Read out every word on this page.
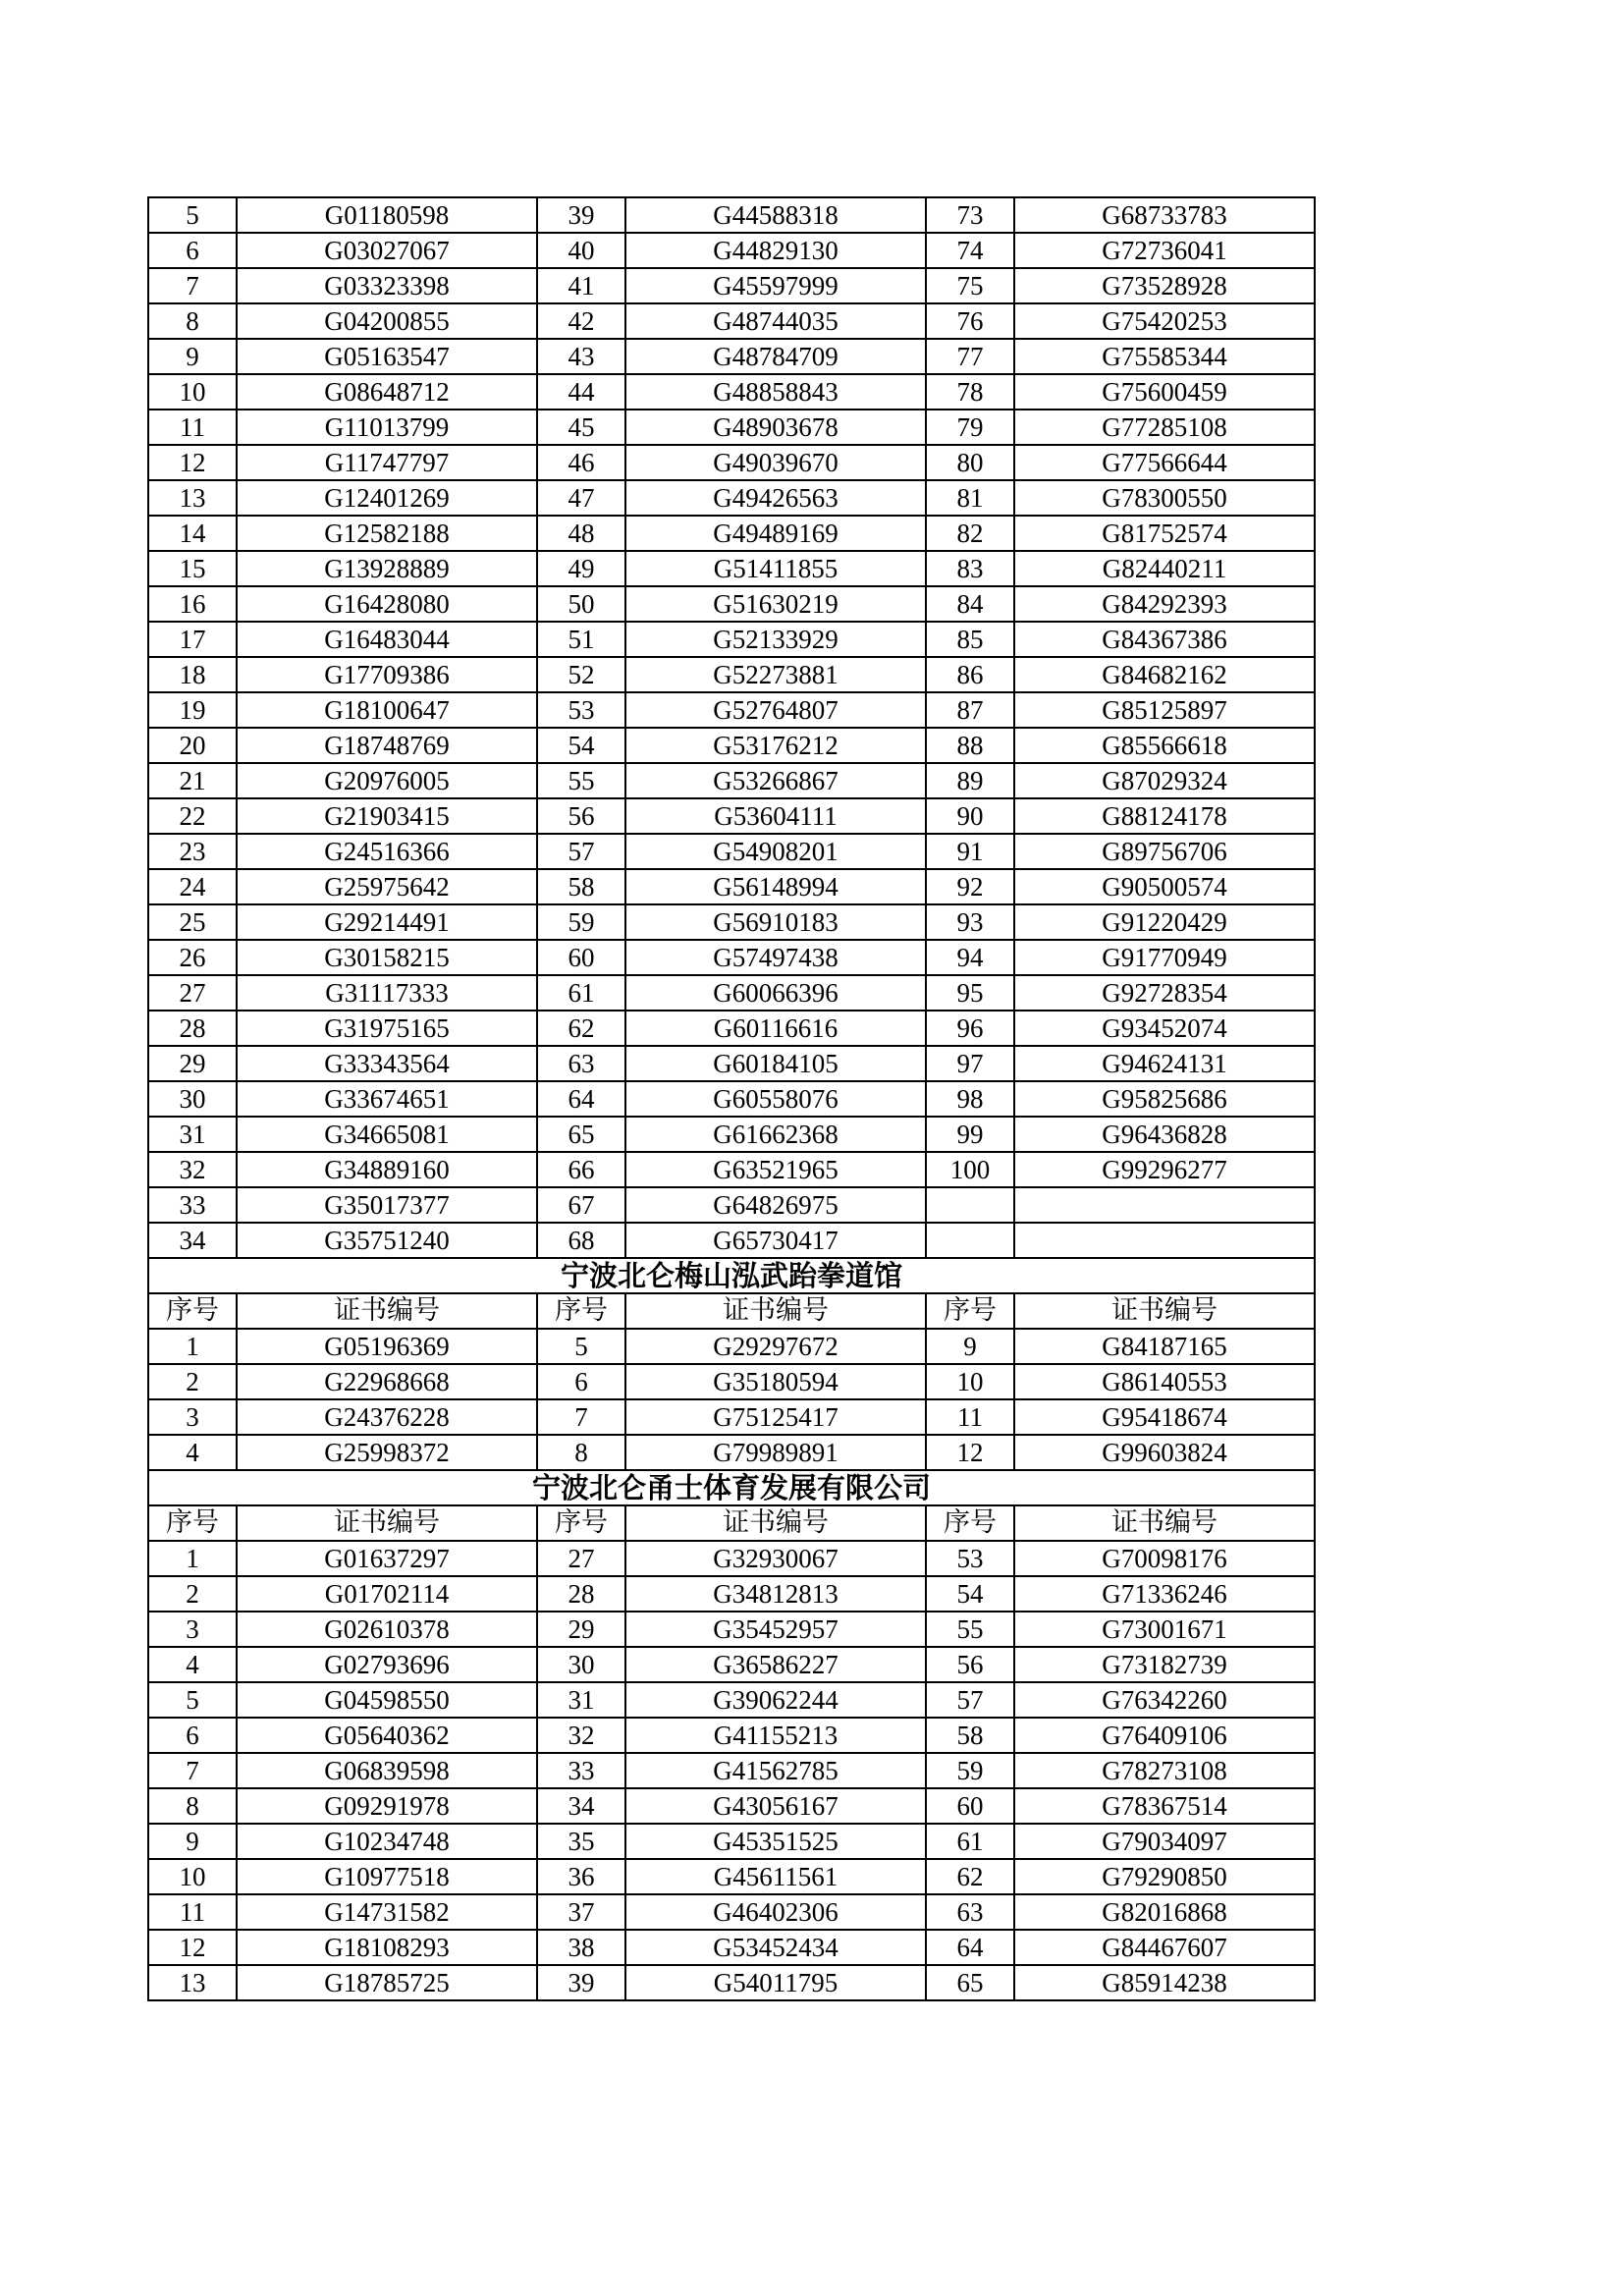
5	G01180598	39	G44588318	73	G68733783
6	G03027067	40	G44829130	74	G72736041
7	G03323398	41	G45597999	75	G73528928
8	G04200855	42	G48744035	76	G75420253
9	G05163547	43	G48784709	77	G75585344
10	G08648712	44	G48858843	78	G75600459
11	G11013799	45	G48903678	79	G77285108
12	G11747797	46	G49039670	80	G77566644
13	G12401269	47	G49426563	81	G78300550
14	G12582188	48	G49489169	82	G81752574
15	G13928889	49	G51411855	83	G82440211
16	G16428080	50	G51630219	84	G84292393
17	G16483044	51	G52133929	85	G84367386
18	G17709386	52	G52273881	86	G84682162
19	G18100647	53	G52764807	87	G85125897
20	G18748769	54	G53176212	88	G85566618
21	G20976005	55	G53266867	89	G87029324
22	G21903415	56	G53604111	90	G88124178
23	G24516366	57	G54908201	91	G89756706
24	G25975642	58	G56148994	92	G90500574
25	G29214491	59	G56910183	93	G91220429
26	G30158215	60	G57497438	94	G91770949
27	G31117333	61	G60066396	95	G92728354
28	G31975165	62	G60116616	96	G93452074
29	G33343564	63	G60184105	97	G94624131
30	G33674651	64	G60558076	98	G95825686
31	G34665081	65	G61662368	99	G96436828
32	G34889160	66	G63521965	100	G99296277
33	G35017377	67	G64826975		
34	G35751240	68	G65730417		
宁波北仑梅山泓武跆拳道馆					
序号	证书编号	序号	证书编号	序号	证书编号
1	G05196369	5	G29297672	9	G84187165
2	G22968668	6	G35180594	10	G86140553
3	G24376228	7	G75125417	11	G95418674
4	G25998372	8	G79989891	12	G99603824
宁波北仑甬士体育发展有限公司					
序号	证书编号	序号	证书编号	序号	证书编号
1	G01637297	27	G32930067	53	G70098176
2	G01702114	28	G34812813	54	G71336246
3	G02610378	29	G35452957	55	G73001671
4	G02793696	30	G36586227	56	G73182739
5	G04598550	31	G39062244	57	G76342260
6	G05640362	32	G41155213	58	G76409106
7	G06839598	33	G41562785	59	G78273108
8	G09291978	34	G43056167	60	G78367514
9	G10234748	35	G45351525	61	G79034097
10	G10977518	36	G45611561	62	G79290850
11	G14731582	37	G46402306	63	G82016868
12	G18108293	38	G53452434	64	G84467607
13	G18785725	39	G54011795	65	G85914238
